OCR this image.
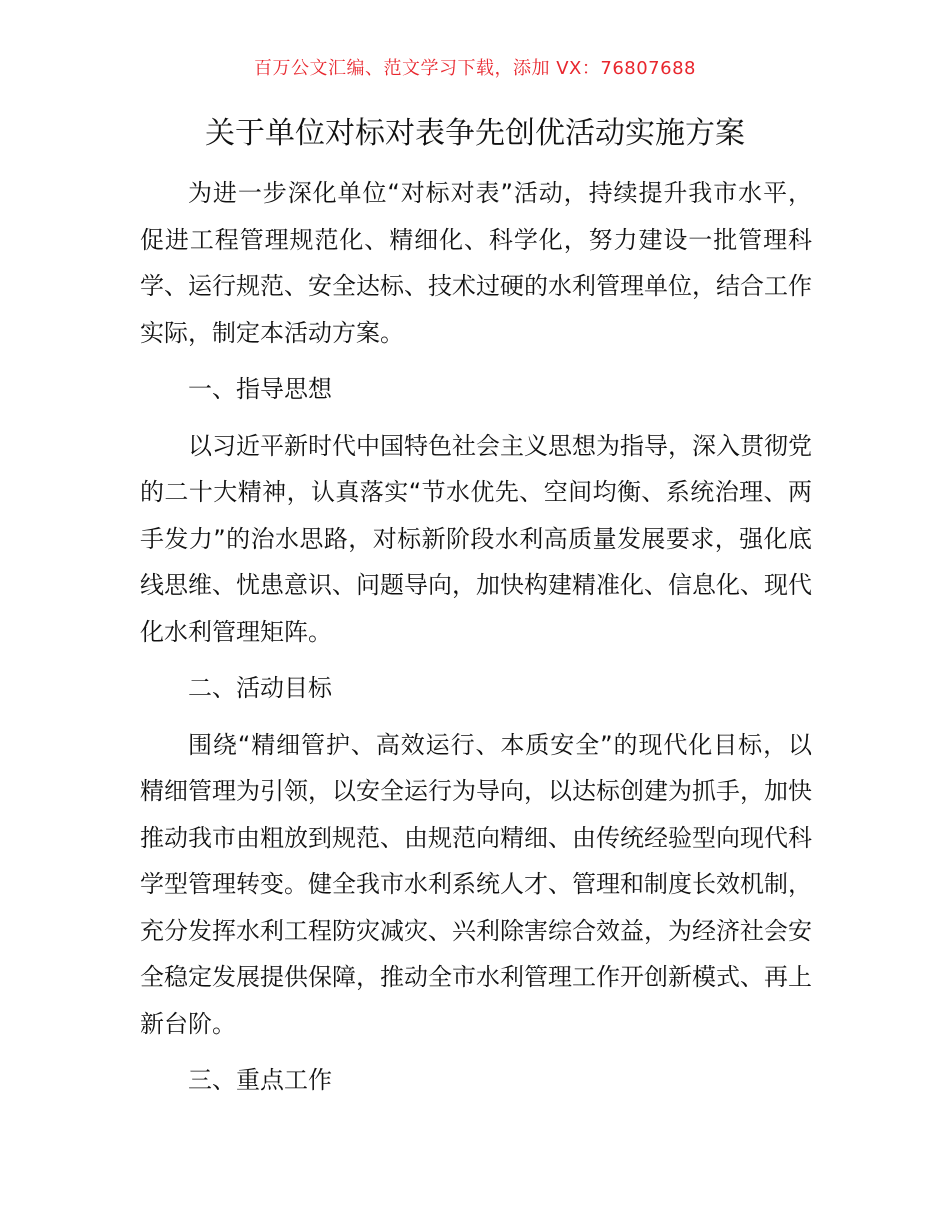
百万公文汇编、范文学习下载，添加 VX：76807688
关于单位对标对表争先创优活动实施方案

为进一步深化单位“对标对表”活动，持续提升我市水平，促进工程管理规范化、精细化、科学化，努力建设一批管理科学、运行规范、安全达标、技术过硬的水利管理单位，结合工作实际，制定本活动方案。

一、指导思想

以习近平新时代中国特色社会主义思想为指导，深入贯彻党的二十大精神，认真落实“节水优先、空间均衡、系统治理、两手发力”的治水思路，对标新阶段水利高质量发展要求，强化底线思维、忧患意识、问题导向，加快构建精准化、信息化、现代化水利管理矩阵。

二、活动目标

围绕“精细管护、高效运行、本质安全”的现代化目标，以精细管理为引领，以安全运行为导向，以达标创建为抓手，加快推动我市由粗放到规范、由规范向精细、由传统经验型向现代科学型管理转变。健全我市水利系统人才、管理和制度长效机制，充分发挥水利工程防灾减灾、兴利除害综合效益，为经济社会安全稳定发展提供保障，推动全市水利管理工作开创新模式、再上新台阶。

三、重点工作
